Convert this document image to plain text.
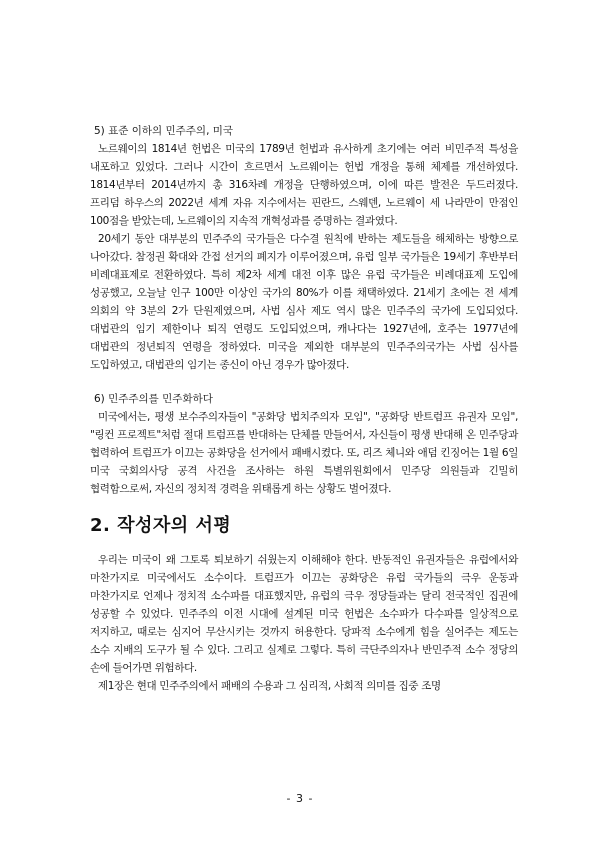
5) 표준 이하의 민주주의, 미국

노르웨이의 1814년 헌법은 미국의 1789년 헌법과 유사하게 초기에는 여러 비민주적 특성을 내포하고 있었다. 그러나 시간이 흐르면서 노르웨이는 헌법 개정을 통해 체제를 개선하였다. 1814년부터 2014년까지 총 316차례 개정을 단행하였으며, 이에 따른 발전은 두드러졌다. 프리덤 하우스의 2022년 세계 자유 지수에서는 핀란드, 스웨덴, 노르웨이 세 나라만이 만점인 100점을 받았는데, 노르웨이의 지속적 개혁성과를 증명하는 결과였다.

20세기 동안 대부분의 민주주의 국가들은 다수결 원칙에 반하는 제도들을 해체하는 방향으로 나아갔다. 참정권 확대와 간접 선거의 폐지가 이루어졌으며, 유럽 일부 국가들은 19세기 후반부터 비례대표제로 전환하였다. 특히 제2차 세계 대전 이후 많은 유럽 국가들은 비례대표제 도입에 성공했고, 오늘날 인구 100만 이상인 국가의 80%가 이를 채택하였다. 21세기 초에는 전 세계 의회의 약 3분의 2가 단원제였으며, 사법 심사 제도 역시 많은 민주주의 국가에 도입되었다. 대법관의 임기 제한이나 퇴직 연령도 도입되었으며, 캐나다는 1927년에, 호주는 1977년에 대법관의 정년퇴직 연령을 정하였다. 미국을 제외한 대부분의 민주주의국가는 사법 심사를 도입하였고, 대법관의 임기는 종신이 아닌 경우가 많아졌다.

6) 민주주의를 민주화하다

미국에서는, 평생 보수주의자들이 "공화당 법치주의자 모임", "공화당 반트럼프 유권자 모임", "링컨 프로젝트"처럼 절대 트럼프를 반대하는 단체를 만들어서, 자신들이 평생 반대해 온 민주당과 협력하여 트럼프가 이끄는 공화당을 선거에서 패배시켰다. 또, 리즈 체니와 애덤 킨징어는 1월 6일 미국 국회의사당 공격 사건을 조사하는 하원 특별위원회에서 민주당 의원들과 긴밀히 협력함으로써, 자신의 정치적 경력을 위태롭게 하는 상황도 벌어졌다.

2. 작성자의 서평

우리는 미국이 왜 그토록 퇴보하기 쉬웠는지 이해해야 한다. 반동적인 유권자들은 유럽에서와 마찬가지로 미국에서도 소수이다. 트럼프가 이끄는 공화당은 유럽 국가들의 극우 운동과 마찬가지로 언제나 정치적 소수파를 대표했지만, 유럽의 극우 정당들과는 달리 전국적인 집권에 성공할 수 있었다. 민주주의 이전 시대에 설계된 미국 헌법은 소수파가 다수파를 일상적으로 저지하고, 때로는 심지어 무산시키는 것까지 허용한다. 당파적 소수에게 힘을 실어주는 제도는 소수 지배의 도구가 될 수 있다. 그리고 실제로 그렇다. 특히 극단주의자나 반민주적 소수 정당의 손에 들어가면 위험하다.

제1장은 현대 민주주의에서 패배의 수용과 그 심리적, 사회적 의미를 집중 조명

- 3 -
